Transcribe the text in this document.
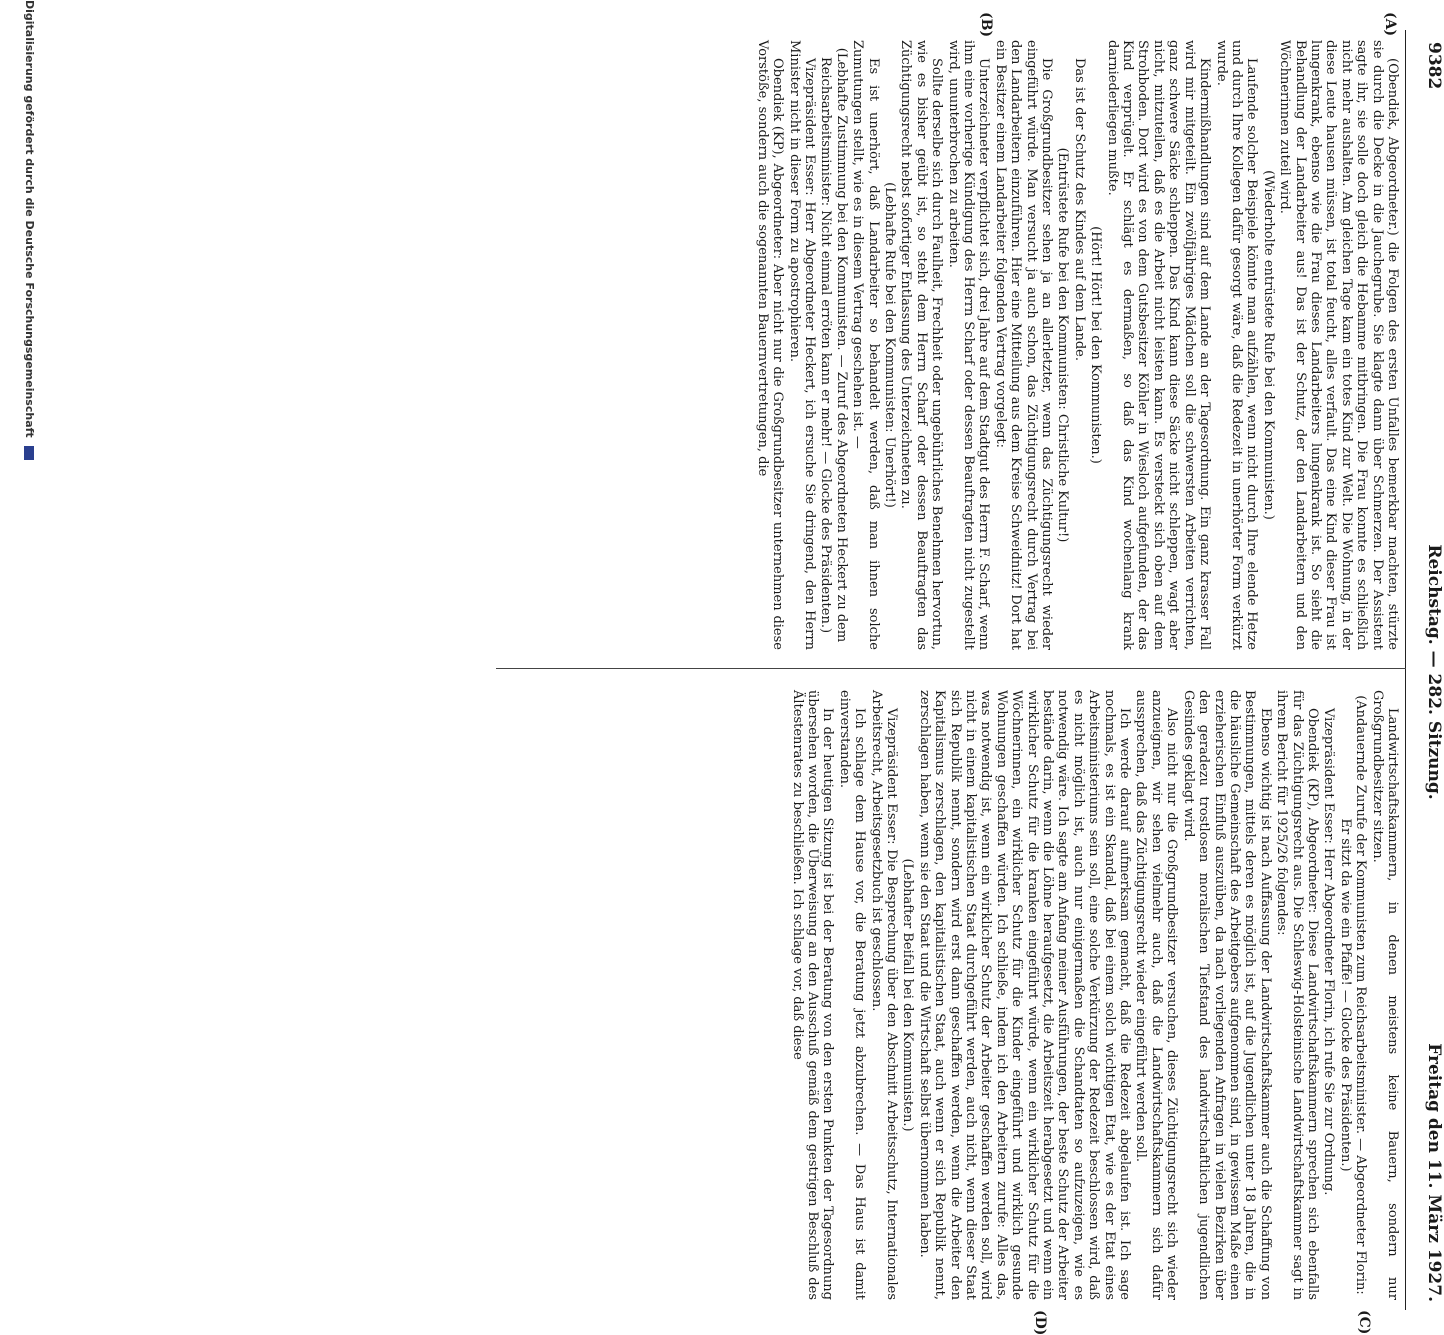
9382
Reichstag. — 282. Sitzung.
Freitag den 11. März 1927.
(A)
(B)
(C)
(D)

(Obendiek, Abgeordneter.) die Folgen des ersten Unfalles bemerkbar machten, stürzte sie durch die Decke in die Jauchegrube. Sie klagte dann über Schmerzen. Der Assistent sagte ihr, sie solle doch gleich die Hebamme mitbringen. Die Frau konnte es schließlich nicht mehr aushalten. Am gleichen Tage kam ein totes Kind zur Welt. Die Wohnung, in der diese Leute hausen müssen, ist total feucht, alles verfault. Das eine Kind dieser Frau ist lungenkrank, ebenso wie die Frau dieses Landarbeiters lungenkrank ist. So sieht die Behandlung der Landarbeiter aus! Das ist der Schutz, der den Landarbeitern und den Wöchnerinnen zuteil wird.

(Wiederholte entrüstete Rufe bei den Kommunisten.)

Laufende solcher Beispiele könnte man aufzählen, wenn nicht durch Ihre elende Hetze und durch Ihre Kollegen dafür gesorgt wäre, daß die Redezeit in unerhörter Form verkürzt wurde.

Kindermißhandlungen sind auf dem Lande an der Tagesordnung. Ein ganz krasser Fall wird mir mitgeteilt. Ein zwölfjähriges Mädchen soll die schwersten Arbeiten verrichten, ganz schwere Säcke schleppen. Das Kind kann diese Säcke nicht schleppen, wagt aber nicht, mitzuteilen, daß es die Arbeit nicht leisten kann. Es versteckt sich oben auf dem Strohboden. Dort wird es von dem Gutsbesitzer Köhler in Wiesloch aufgefunden, der das Kind verprügelt. Er schlägt es dermaßen, so daß das Kind wochenlang krank darniederliegen mußte.

(Hört! Hört! bei den Kommunisten.)

Das ist der Schutz des Kindes auf dem Lande.

(Entrüstete Rufe bei den Kommunisten: Christliche Kultur!)

Die Großgrundbesitzer sehen ja an allerletzter, wenn das Züchtigungsrecht wieder eingeführt würde. Man versucht ja auch schon, das Züchtigungsrecht durch Vertrag bei den Landarbeitern einzuführen. Hier eine Mitteilung aus dem Kreise Schweidnitz! Dort hat ein Besitzer einem Landarbeiter folgenden Vertrag vorgelegt:

Unterzeichneter verpflichtet sich, drei Jahre auf dem Stadtgut des Herrn F. Scharf, wenn ihm eine vorherige Kündigung des Herrn Scharf oder dessen Beauftragten nicht zugestellt wird, ununterbrochen zu arbeiten.

Sollte derselbe sich durch Faulheit, Frechheit oder ungebührliches Benehmen hervortun, wie es bisher geübt ist, so steht dem Herrn Scharf oder dessen Beauftragten das Züchtigungsrecht nebst sofortiger Entlassung des Unterzeichneten zu.

(Lebhafte Rufe bei den Kommunisten: Unerhört!)

Es ist unerhört, daß Landarbeiter so behandelt werden, daß man ihnen solche Zumutungen stellt, wie es in diesem Vertrag geschehen ist. —

(Lebhafte Zustimmung bei den Kommunisten. — Zuruf des Abgeordneten Heckert zu dem Reichsarbeitsminister: Nicht einmal erröten kann er mehr! — Glocke des Präsidenten.)

Vizepräsident Esser: Herr Abgeordneter Heckert, ich ersuche Sie dringend, den Herrn Minister nicht in dieser Form zu apostrophieren.

Obendiek (KP), Abgeordneter: Aber nicht nur die Großgrundbesitzer unternehmen diese Vorstöße, sondern auch die sogenannten Bauernvertretungen, die

Landwirtschaftskammern, in denen meistens keine Bauern, sondern nur Großgrundbesitzer sitzen.

(Andauernde Zurufe der Kommunisten zum Reichsarbeitsminister. — Abgeordneter Florin: Er sitzt da wie ein Pfaffe! — Glocke des Präsidenten.)

Vizepräsident Esser: Herr Abgeordneter Florin, ich rufe Sie zur Ordnung.

Obendiek (KP), Abgeordneter: Diese Landwirtschaftskammern sprechen sich ebenfalls für das Züchtigungsrecht aus. Die Schleswig-Holsteinische Landwirtschaftskammer sagt in ihrem Bericht für 1925/26 folgendes:

Ebenso wichtig ist nach Auffassung der Landwirtschaftskammer auch die Schaffung von Bestimmungen, mittels deren es möglich ist, auf die Jugendlichen unter 18 Jahren, die in die häusliche Gemeinschaft des Arbeitgebers aufgenommen sind, in gewissem Maße einen erzieherischen Einfluß auszuüben, da nach vorliegenden Anfragen in vielen Bezirken über den geradezu trostlosen moralischen Tiefstand des landwirtschaftlichen jugendlichen Gesindes geklagt wird.

Also nicht nur die Großgrundbesitzer versuchen, dieses Züchtigungsrecht sich wieder anzueignen, wir sehen vielmehr auch, daß die Landwirtschaftskammern sich dafür aussprechen, daß das Züchtigungsrecht wieder eingeführt werden soll.

Ich werde darauf aufmerksam gemacht, daß die Redezeit abgelaufen ist. Ich sage nochmals, es ist ein Skandal, daß bei einem solch wichtigen Etat, wie es der Etat eines Arbeitsministeriums sein soll, eine solche Verkürzung der Redezeit beschlossen wird, daß es nicht möglich ist, auch nur einigermaßen die Schandtaten so aufzuzeigen, wie es notwendig wäre. Ich sagte am Anfang meiner Ausführungen, der beste Schutz der Arbeiter bestände darin, wenn die Löhne heraufgesetzt, die Arbeitszeit herabgesetzt und wenn ein wirklicher Schutz für die kranken eingeführt würde, wenn ein wirklicher Schutz für die Wöchnerinnen, ein wirklicher Schutz für die Kinder eingeführt und wirklich gesunde Wohnungen geschaffen würden. Ich schließe, indem ich den Arbeitern zurufe: Alles das, was notwendig ist, wenn ein wirklicher Schutz der Arbeiter geschaffen werden soll, wird nicht in einem kapitalistischen Staat durchgeführt werden, auch nicht, wenn dieser Staat sich Republik nennt, sondern wird erst dann geschaffen werden, wenn die Arbeiter den Kapitalismus zerschlagen, den kapitalistischen Staat, auch wenn er sich Republik nennt, zerschlagen haben, wenn sie den Staat und die Wirtschaft selbst übernommen haben.

(Lebhafter Beifall bei den Kommunisten.)

Vizepräsident Esser: Die Besprechung über den Abschnitt Arbeitsschutz, Internationales Arbeitsrecht, Arbeitsgesetzbuch ist geschlossen.

Ich schlage dem Hause vor, die Beratung jetzt abzubrechen. — Das Haus ist damit einverstanden.

In der heutigen Sitzung ist bei der Beratung von den ersten Punkten der Tagesordnung übersehen worden, die Überweisung an den Ausschuß gemäß dem gestrigen Beschluß des Ältestenrates zu beschließen. Ich schlage vor, daß diese

Digitalisierung gefördert durch die Deutsche Forschungsgemeinschaft
